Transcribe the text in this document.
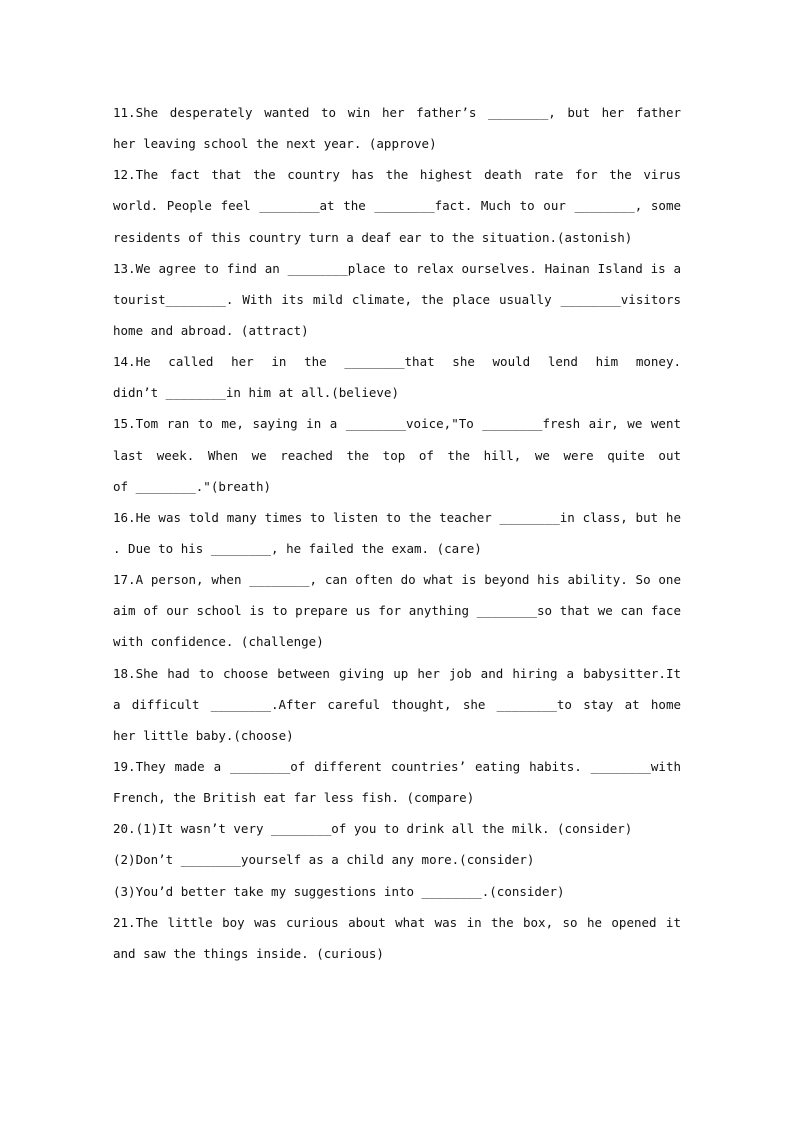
11.She desperately wanted to win her father’s ________, but her father
her leaving school the next year. (approve)
12.The fact that the country has the highest death rate for the virus
world. People feel ________at the ________fact. Much to our ________, some
residents of this country turn a deaf ear to the situation.(astonish)
13.We agree to find an ________place to relax ourselves. Hainan Island is a
tourist________. With its mild climate, the place usually ________visitors
home and abroad. (attract)
14.He called her in the ________that she would lend him money.
didn’t ________in him at all.(believe)
15.Tom ran to me, saying in a ________voice,"To ________fresh air, we went
last week. When we reached the top of the hill, we were quite out
of ________."(breath)
16.He was told many times to listen to the teacher ________in class, but he
. Due to his ________, he failed the exam. (care)
17.A person, when ________, can often do what is beyond his ability. So one
aim of our school is to prepare us for anything ________so that we can face
with confidence. (challenge)
18.She had to choose between giving up her job and hiring a babysitter.It
a difficult ________.After careful thought, she ________to stay at home
her little baby.(choose)
19.They made a ________of different countries’ eating habits. ________with
French, the British eat far less fish. (compare)
20.(1)It wasn’t very ________of you to drink all the milk. (consider)
(2)Don’t ________yourself as a child any more.(consider)
(3)You’d better take my suggestions into ________.(consider)
21.The little boy was curious about what was in the box, so he opened it
and saw the things inside. (curious)
